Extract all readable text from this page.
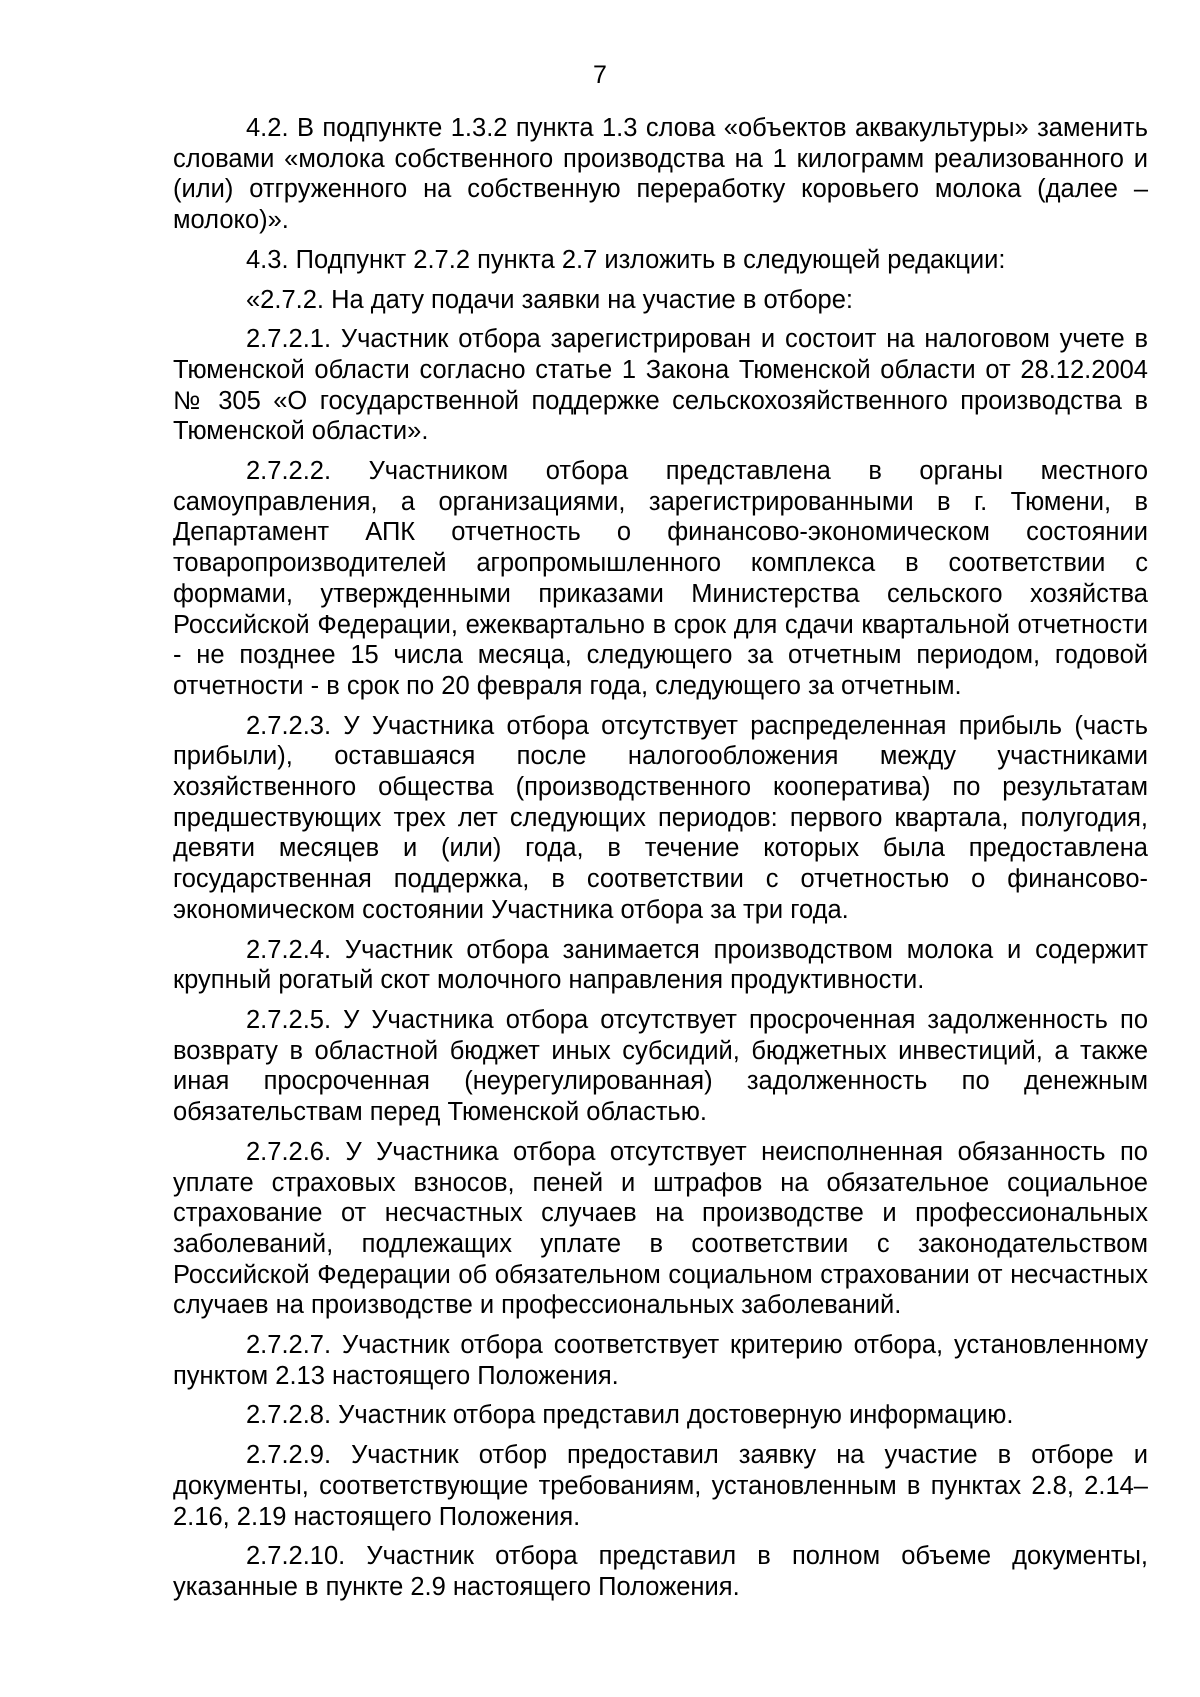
7

4.2. В подпункте 1.3.2 пункта 1.3 слова «объектов аквакультуры» заменить словами «молока собственного производства на 1 килограмм реализованного и (или) отгруженного на собственную переработку коровьего молока (далее – молоко)».

4.3. Подпункт 2.7.2 пункта 2.7 изложить в следующей редакции:

«2.7.2. На дату подачи заявки на участие в отборе:

2.7.2.1. Участник отбора зарегистрирован и состоит на налоговом учете в Тюменской области согласно статье 1 Закона Тюменской области от 28.12.2004 № 305 «О государственной поддержке сельскохозяйственного производства в Тюменской области».

2.7.2.2. Участником отбора представлена в органы местного самоуправления, а организациями, зарегистрированными в г. Тюмени, в Департамент АПК отчетность о финансово-экономическом состоянии товаропроизводителей агропромышленного комплекса в соответствии с формами, утвержденными приказами Министерства сельского хозяйства Российской Федерации, ежеквартально в срок для сдачи квартальной отчетности - не позднее 15 числа месяца, следующего за отчетным периодом, годовой отчетности - в срок по 20 февраля года, следующего за отчетным.

2.7.2.3. У Участника отбора отсутствует распределенная прибыль (часть прибыли), оставшаяся после налогообложения между участниками хозяйственного общества (производственного кооператива) по результатам предшествующих трех лет следующих периодов: первого квартала, полугодия, девяти месяцев и (или) года, в течение которых была предоставлена государственная поддержка, в соответствии с отчетностью о финансово-экономическом состоянии Участника отбора за три года.

2.7.2.4. Участник отбора занимается производством молока и содержит крупный рогатый скот молочного направления продуктивности.

2.7.2.5. У Участника отбора отсутствует просроченная задолженность по возврату в областной бюджет иных субсидий, бюджетных инвестиций, а также иная просроченная (неурегулированная) задолженность по денежным обязательствам перед Тюменской областью.

2.7.2.6. У Участника отбора отсутствует неисполненная обязанность по уплате страховых взносов, пеней и штрафов на обязательное социальное страхование от несчастных случаев на производстве и профессиональных заболеваний, подлежащих уплате в соответствии с законодательством Российской Федерации об обязательном социальном страховании от несчастных случаев на производстве и профессиональных заболеваний.

2.7.2.7. Участник отбора соответствует критерию отбора, установленному пунктом 2.13 настоящего Положения.

2.7.2.8. Участник отбора представил достоверную информацию.

2.7.2.9. Участник отбор предоставил заявку на участие в отборе и документы, соответствующие требованиям, установленным в пунктах 2.8, 2.14–2.16, 2.19 настоящего Положения.

2.7.2.10. Участник отбора представил в полном объеме документы, указанные в пункте 2.9 настоящего Положения.
